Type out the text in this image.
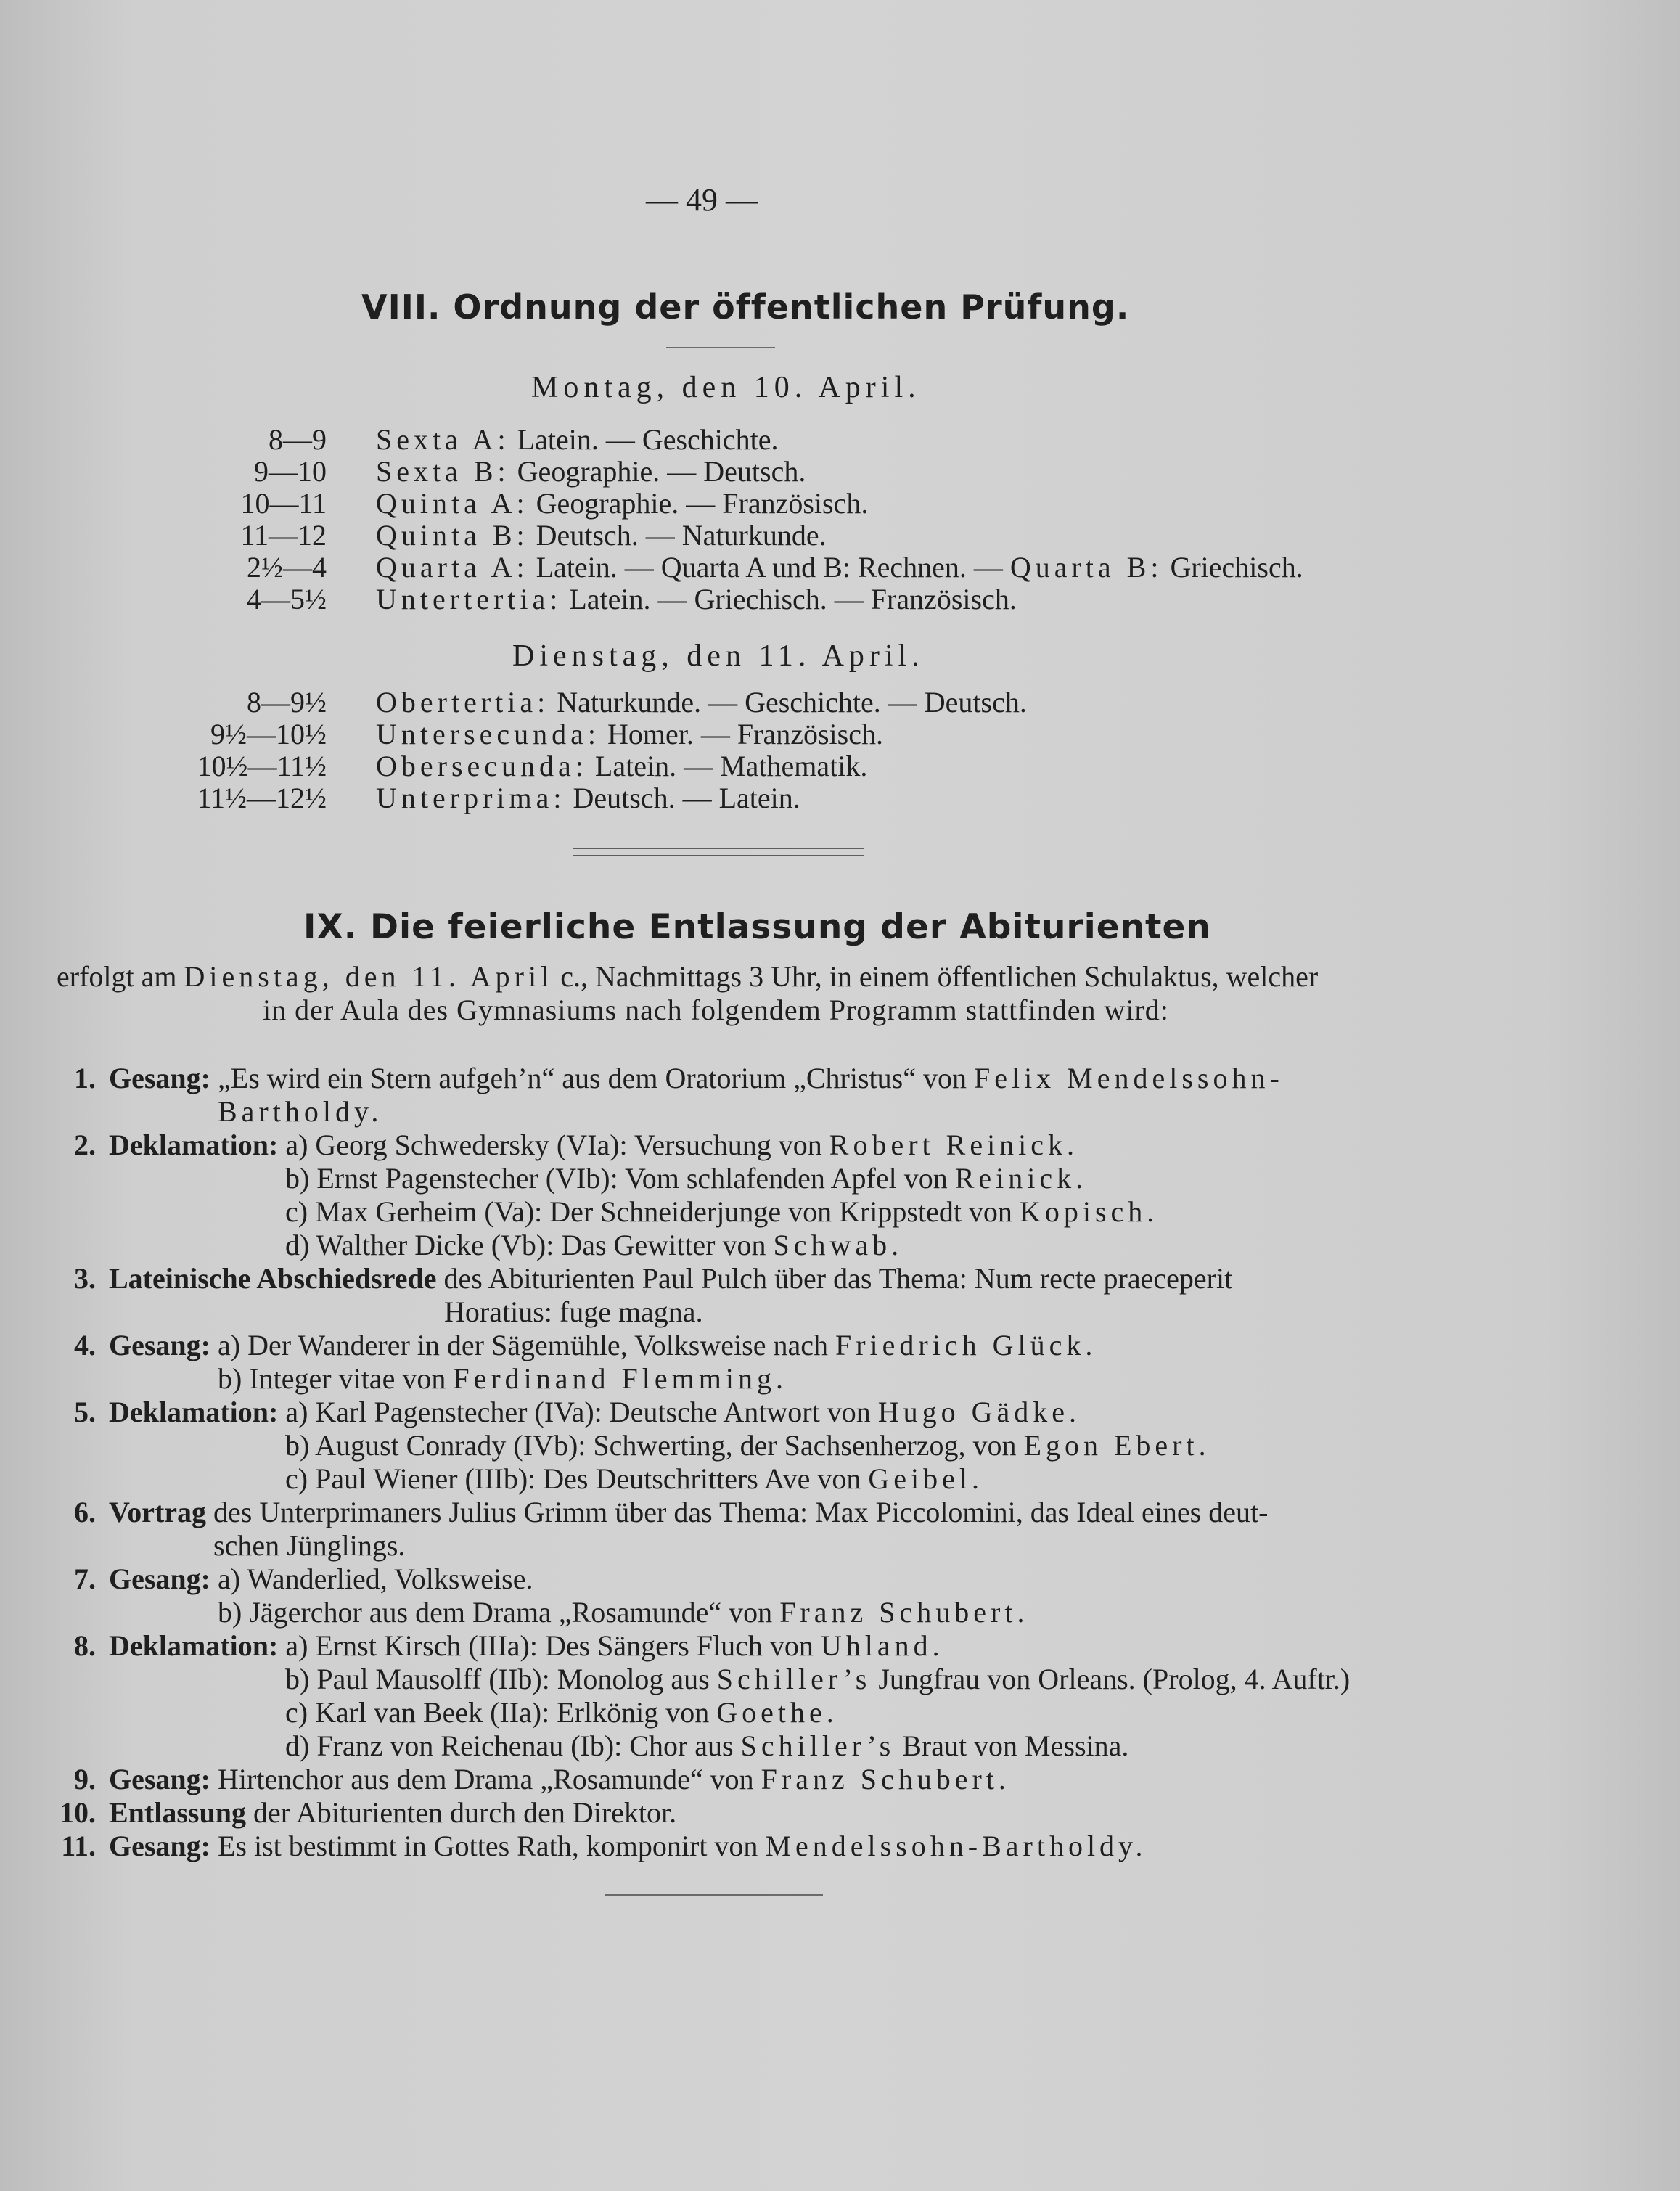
— 49 —
VIII. Ordnung der öffentlichen Prüfung.
Montag, den 10. April.
8—9 Sexta A: Latein. — Geschichte.
9—10 Sexta B: Geographie. — Deutsch.
10—11 Quinta A: Geographie. — Französisch.
11—12 Quinta B: Deutsch. — Naturkunde.
2½—4 Quarta A: Latein. — Quarta A und B: Rechnen. — Quarta B: Griechisch.
4—5½ Untertertia: Latein. — Griechisch. — Französisch.
Dienstag, den 11. April.
8—9½ Obertertia: Naturkunde. — Geschichte. — Deutsch.
9½—10½ Untersecunda: Homer. — Französisch.
10½—11½ Obersecunda: Latein. — Mathematik.
11½—12½ Unterprima: Deutsch. — Latein.
IX. Die feierliche Entlassung der Abiturienten
erfolgt am Dienstag, den 11. April c., Nachmittags 3 Uhr, in einem öffentlichen Schulaktus, welcher
in der Aula des Gymnasiums nach folgendem Programm stattfinden wird:
1. Gesang: „Es wird ein Stern aufgeh’n“ aus dem Oratorium „Christus“ von Felix Mendelssohn-
Bartholdy.
2. Deklamation: a) Georg Schwedersky (VIa): Versuchung von Robert Reinick.
b) Ernst Pagenstecher (VIb): Vom schlafenden Apfel von Reinick.
c) Max Gerheim (Va): Der Schneiderjunge von Krippstedt von Kopisch.
d) Walther Dicke (Vb): Das Gewitter von Schwab.
3. Lateinische Abschiedsrede des Abiturienten Paul Pulch über das Thema: Num recte praeceperit
Horatius: fuge magna.
4. Gesang: a) Der Wanderer in der Sägemühle, Volksweise nach Friedrich Glück.
b) Integer vitae von Ferdinand Flemming.
5. Deklamation: a) Karl Pagenstecher (IVa): Deutsche Antwort von Hugo Gädke.
b) August Conrady (IVb): Schwerting, der Sachsenherzog, von Egon Ebert.
c) Paul Wiener (IIIb): Des Deutschritters Ave von Geibel.
6. Vortrag des Unterprimaners Julius Grimm über das Thema: Max Piccolomini, das Ideal eines deut-
schen Jünglings.
7. Gesang: a) Wanderlied, Volksweise.
b) Jägerchor aus dem Drama „Rosamunde“ von Franz Schubert.
8. Deklamation: a) Ernst Kirsch (IIIa): Des Sängers Fluch von Uhland.
b) Paul Mausolff (IIb): Monolog aus Schiller’s Jungfrau von Orleans. (Prolog, 4. Auftr.)
c) Karl van Beek (IIa): Erlkönig von Goethe.
d) Franz von Reichenau (Ib): Chor aus Schiller’s Braut von Messina.
9. Gesang: Hirtenchor aus dem Drama „Rosamunde“ von Franz Schubert.
10. Entlassung der Abiturienten durch den Direktor.
11. Gesang: Es ist bestimmt in Gottes Rath, komponirt von Mendelssohn-Bartholdy.
